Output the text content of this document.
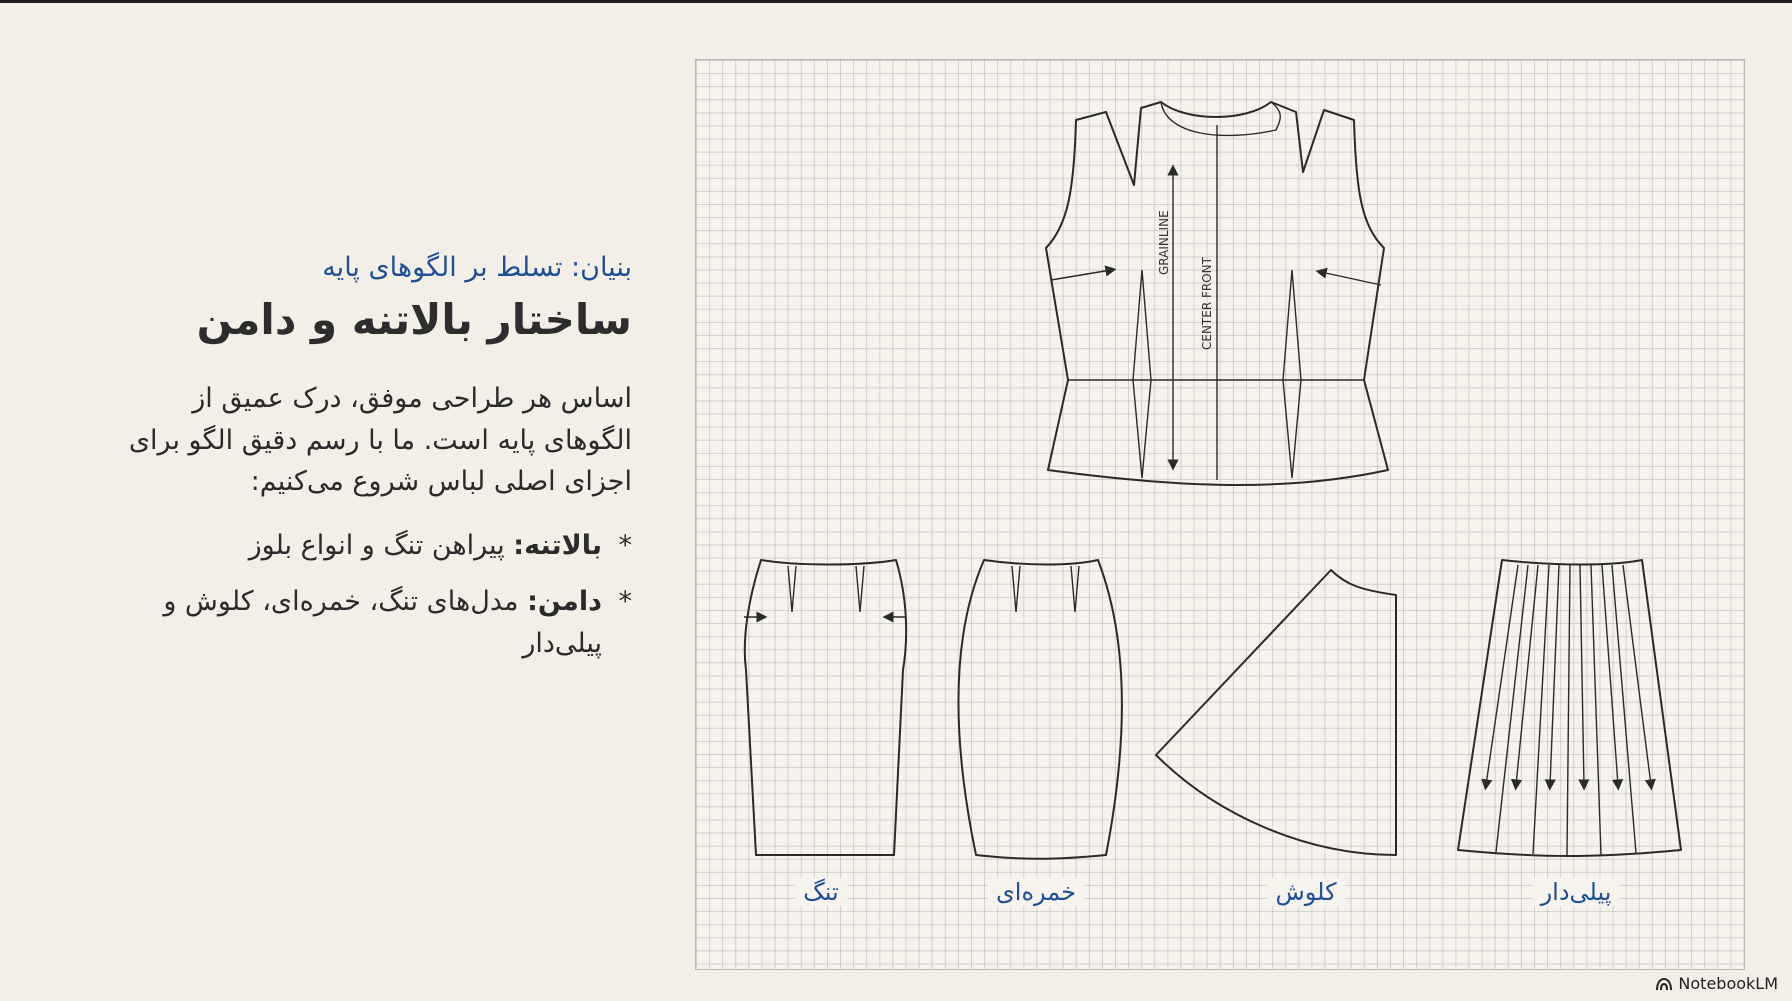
بنیان: تسلط بر الگوهای پایه

ساختار بالاتنه و دامن

اساس هر طراحی موفق، درک عمیق از الگوهای پایه است. ما با رسم دقیق الگو برای اجزای اصلی لباس شروع می‌کنیم:

*
بالاتنه: پیراهن تنگ و انواع بلوز
*
دامن: مدل‌های تنگ، خمره‌ای، کلوش و پیلی‌دار
GRAINLINE
CENTER FRONT
تنگ	خمره‌ای	کلوش	پیلی‌دار
NotebookLM
